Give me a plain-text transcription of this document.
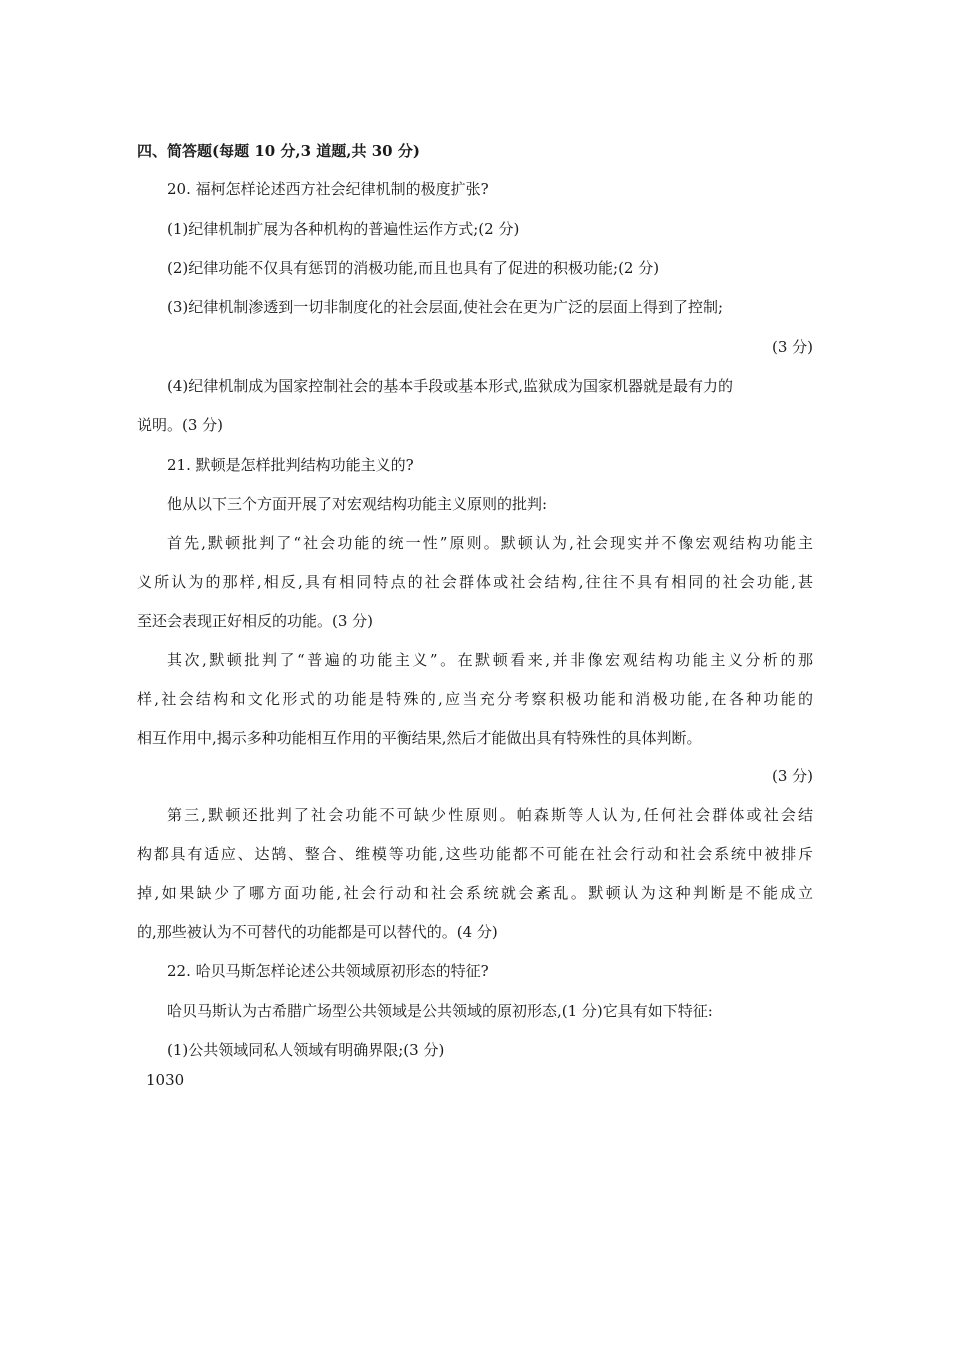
四、简答题(每题 10 分,3 道题,共 30 分)
20. 福柯怎样论述西方社会纪律机制的极度扩张?
(1)纪律机制扩展为各种机构的普遍性运作方式;(2 分)
(2)纪律功能不仅具有惩罚的消极功能,而且也具有了促进的积极功能;(2 分)
(3)纪律机制渗透到一切非制度化的社会层面,使社会在更为广泛的层面上得到了控制;
(3 分)
(4)纪律机制成为国家控制社会的基本手段或基本形式,监狱成为国家机器就是最有力的
说明。(3 分)
21. 默顿是怎样批判结构功能主义的?
他从以下三个方面开展了对宏观结构功能主义原则的批判:
首先,默顿批判了“社会功能的统一性”原则。默顿认为,社会现实并不像宏观结构功能主
义所认为的那样,相反,具有相同特点的社会群体或社会结构,往往不具有相同的社会功能,甚
至还会表现正好相反的功能。(3 分)
其次,默顿批判了“普遍的功能主义”。在默顿看来,并非像宏观结构功能主义分析的那
样,社会结构和文化形式的功能是特殊的,应当充分考察积极功能和消极功能,在各种功能的
相互作用中,揭示多种功能相互作用的平衡结果,然后才能做出具有特殊性的具体判断。
(3 分)
第三,默顿还批判了社会功能不可缺少性原则。帕森斯等人认为,任何社会群体或社会结
构都具有适应、达鹄、整合、维模等功能,这些功能都不可能在社会行动和社会系统中被排斥
掉,如果缺少了哪方面功能,社会行动和社会系统就会紊乱。默顿认为这种判断是不能成立
的,那些被认为不可替代的功能都是可以替代的。(4 分)
22. 哈贝马斯怎样论述公共领域原初形态的特征?
哈贝马斯认为古希腊广场型公共领域是公共领域的原初形态,(1 分)它具有如下特征:
(1)公共领域同私人领域有明确界限;(3 分)
1030
